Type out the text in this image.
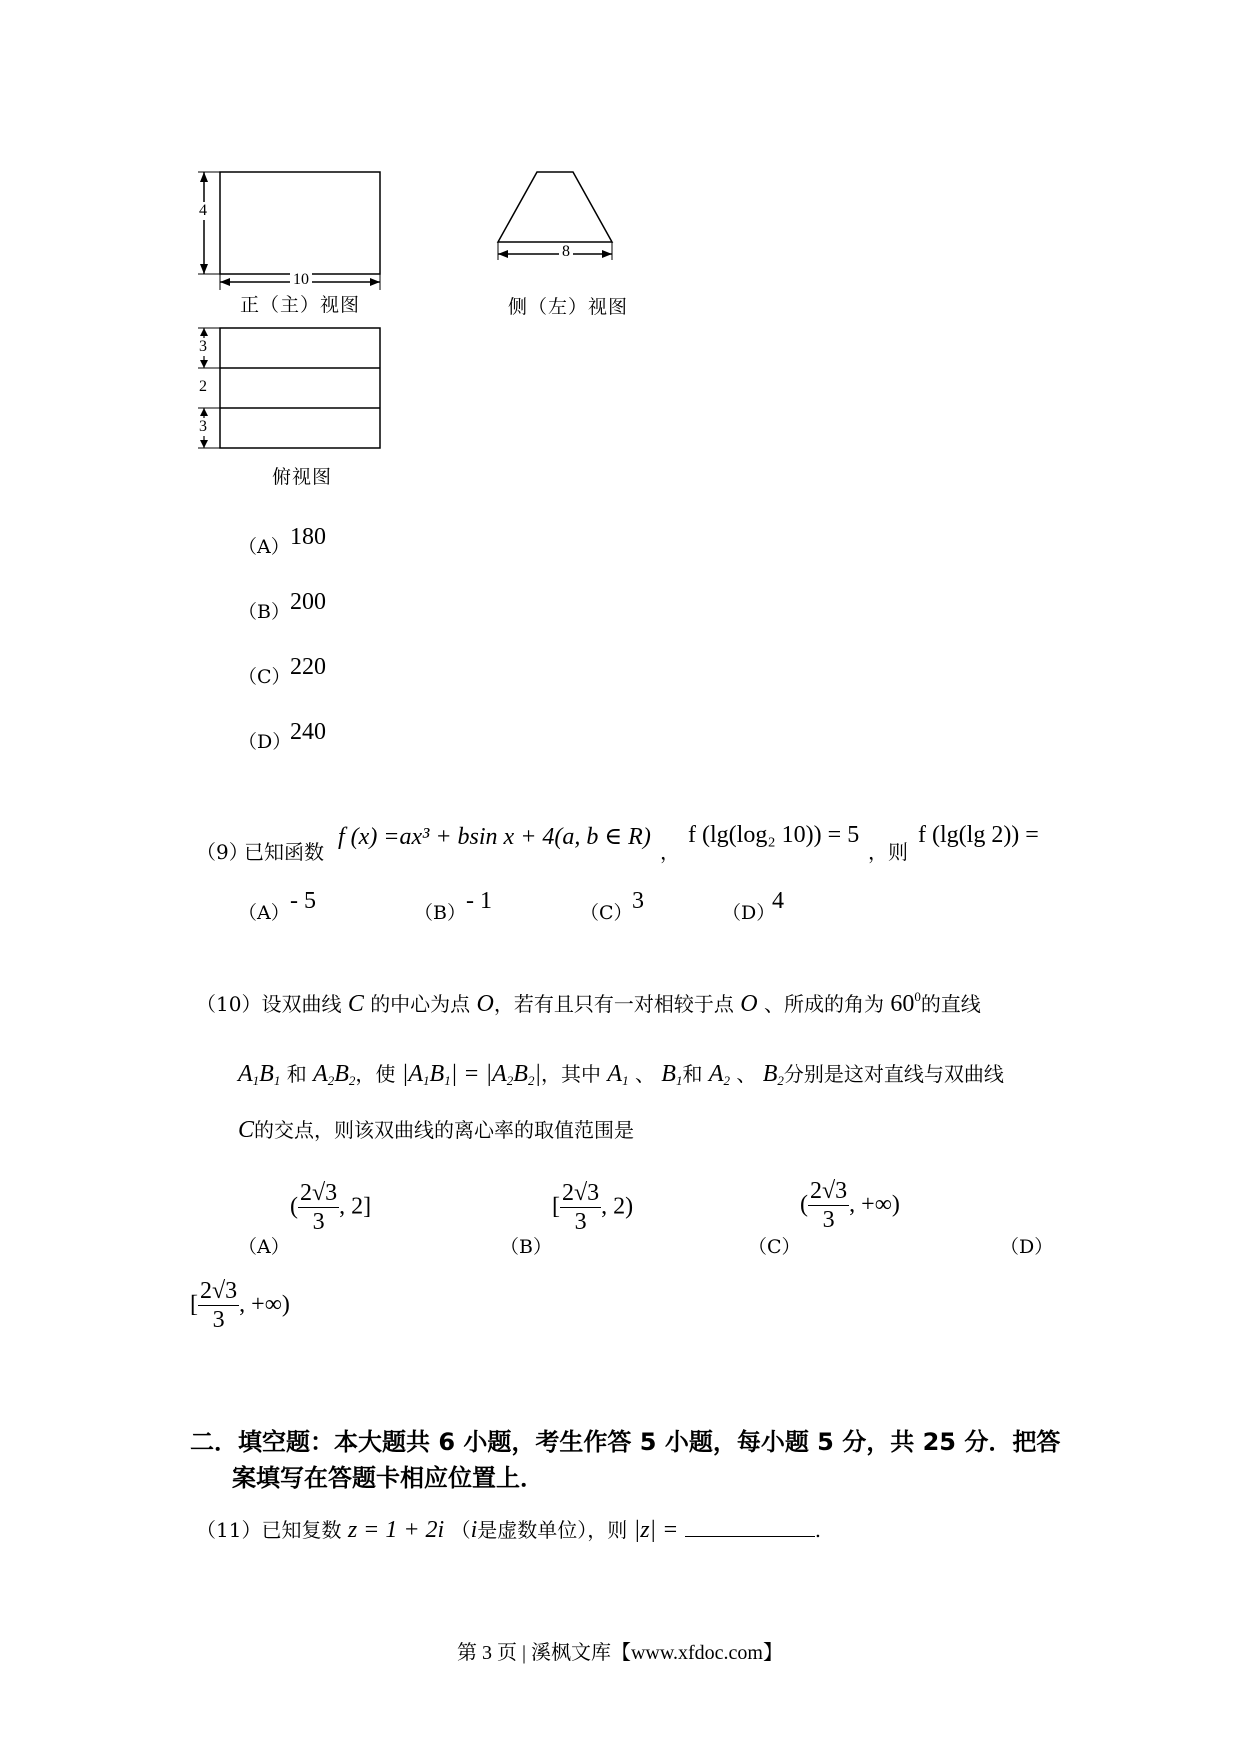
4
10
8
3
2
3
正（主）视图	侧（左）视图
俯视图
（A） 180
（B） 200
（C） 220
（D）
240
（9）
已知函数
f (x) =ax³ + bsin x + 4(a, b ∈ R)
，
f (lg(log₂ 10)) = 5
，则
f (lg(lg 2)) =
（A） - 5	（B） - 1	（C） 3	（D）
4
（10）设双曲线 C 的中心为点 O，若有且只有一对相较于点 O 、所成的角为 $60^0$的直线
$A_1B_1$ 和 $A_2B_2$，使 $|A_1B_1| = |A_2B_2|$，其中 $A_1$ 、 $B_1$和 $A_2$ 、 $B_2$分别是这对直线与双曲线
C的交点，则该双曲线的离心率的取值范围是
（A）
( $\frac{2√3}{3}$ , 2]
（B）
[ $\frac{2√3}{3}$ , 2)
（C）
( $\frac{2√3}{3}$ , +∞)
（D）
[ $\frac{2√3}{3}$ , +∞)
二．填空题：本大题共 6 小题，考生作答 5 小题，每小题 5 分，共 25 分．把答
案填写在答题卡相应位置上．
（11）已知复数 z = 1 + 2i （i是虚数单位），则 |z| =	.
第 3 页 | 溪枫文库【www.xfdoc.com】
